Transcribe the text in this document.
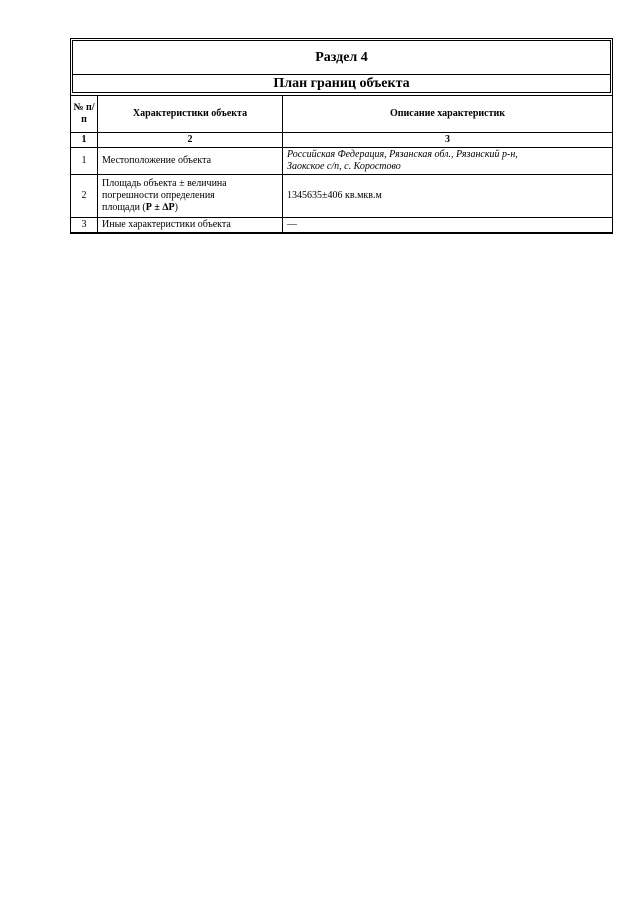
Раздел 4
План границ объекта
№ п/п	Характеристики объекта	Описание характеристик
1	2	3
1	Местоположение объекта	Российская Федерация, Рязанская обл., Рязанский р-н,
Заокское с/п, с. Коростово

2	Площадь объекта ± величина
погрешности определения
площади (Р ± ∆Р)	1345635±406 кв.мкв.м
3	Иные характеристики объекта	—
